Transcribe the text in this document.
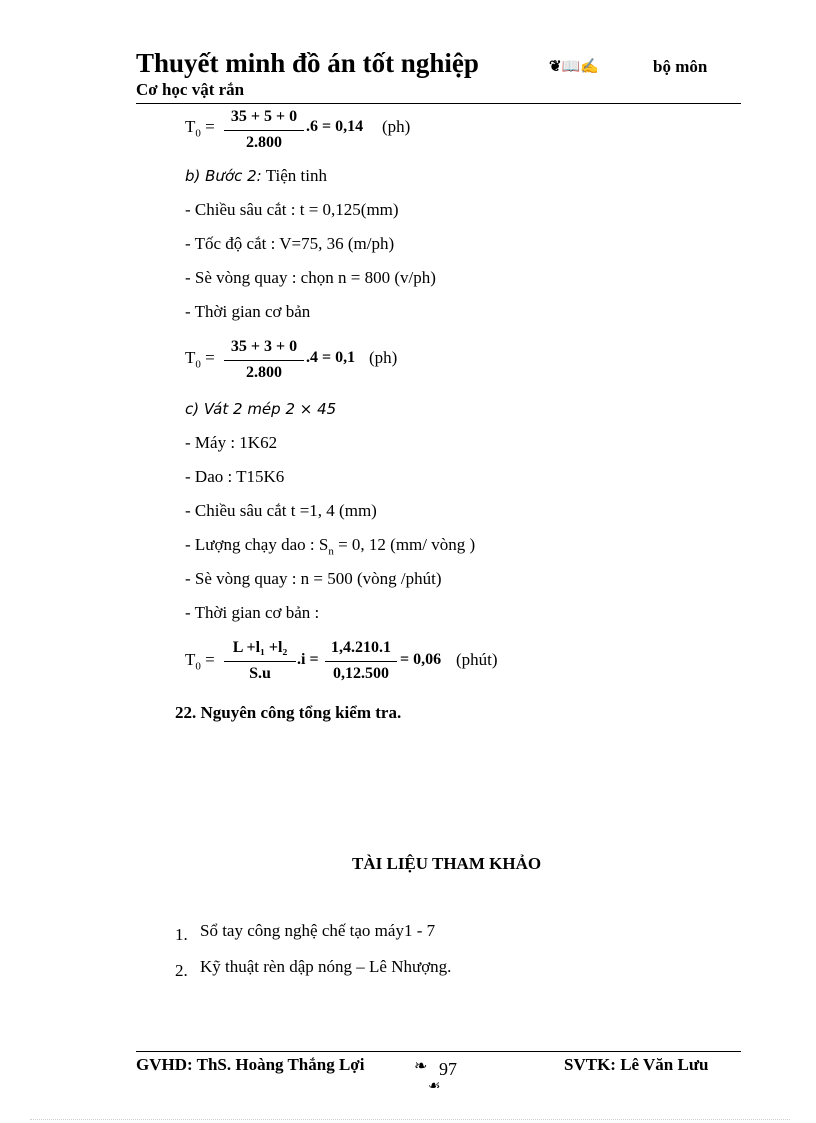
Thuyết minh đồ án tốt nghiệp	❦📖✍	bộ môn
Cơ học vật rắn
$T_0$ =
35 + 5 + 0
2.800
.6 = 0,14 (ph)
b) Bước 2: Tiện tinh
- Chiều sâu cắt : t = 0,125(mm)
- Tốc độ cắt : V=75, 36 (m/ph)
- Sè vòng quay : chọn n = 800 (v/ph)
- Thời gian cơ bản
$T_0$ =
35 + 3 + 0
2.800
.4 = 0,1 (ph)
c) Vát 2 mép 2 × 45
- Máy : 1K62
- Dao : T15K6
- Chiều sâu cắt t =1, 4 (mm)
- Lượng chạy dao : $S_n = 0$, 12 (mm/ vòng )
- Sè vòng quay : n = 500 (vòng /phút)
- Thời gian cơ bản :
$T_0$ =
L +l₁ +l₂
S.u
.i =
1,4.210.1
0,12.500
= 0,06 (phút)
22. Nguyên công tổng kiểm tra.
TÀI LIỆU THAM KHẢO
1. Sổ tay công nghệ chế tạo máy1 - 7
2. Kỹ thuật rèn dập nóng – Lê Nhượng.
GVHD: ThS. Hoàng Thắng Lợi	❧ 97
☙
SVTK: Lê Văn Lưu
